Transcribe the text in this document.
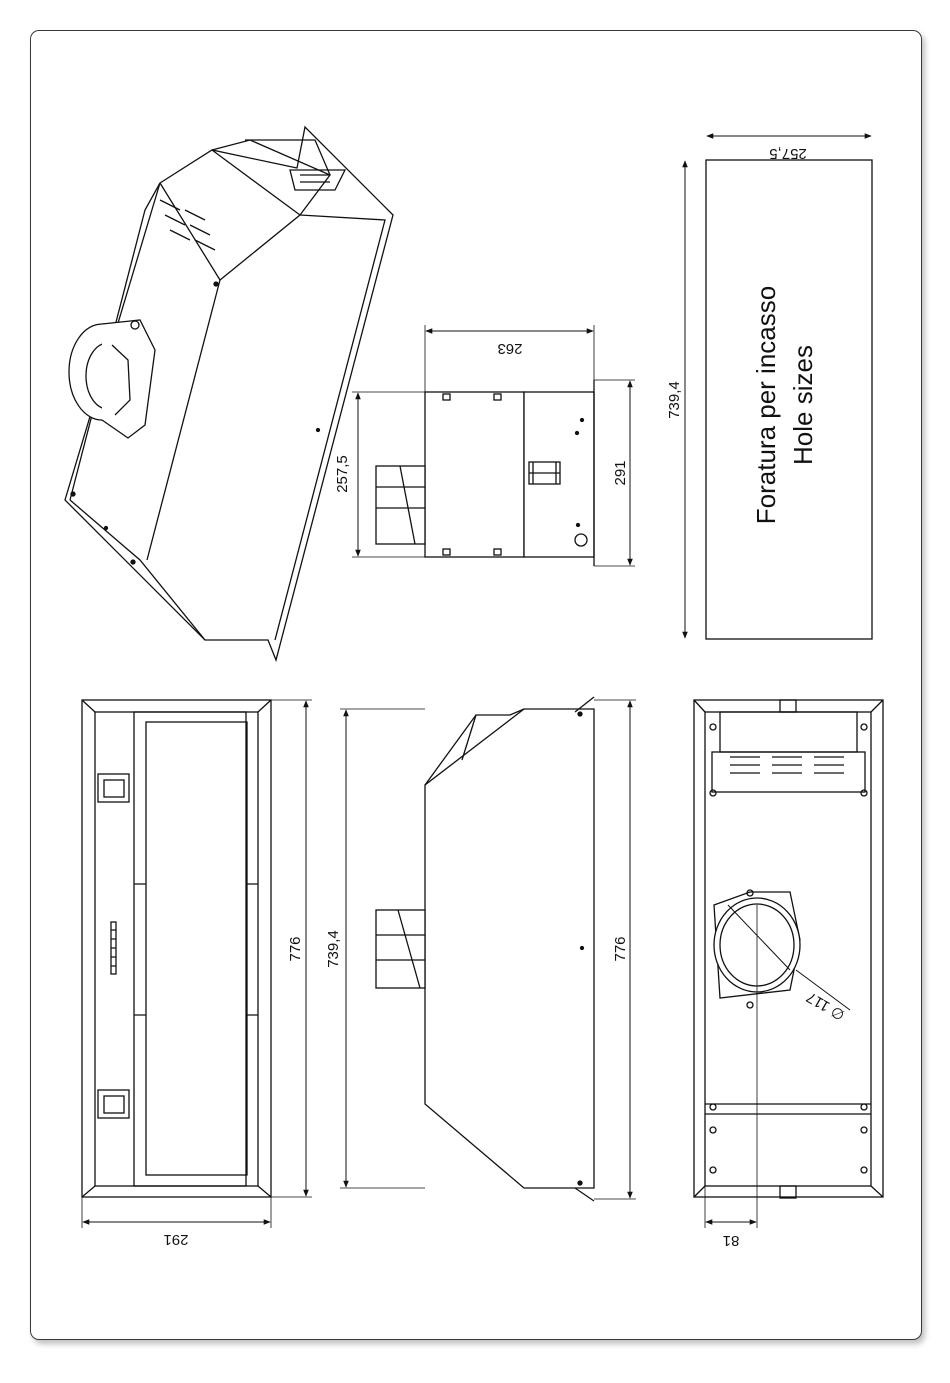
263
257,5	291
257,5
739,4	Foratura per incasso Hole sizes
291
776 739,4	776
∅ 117
81
